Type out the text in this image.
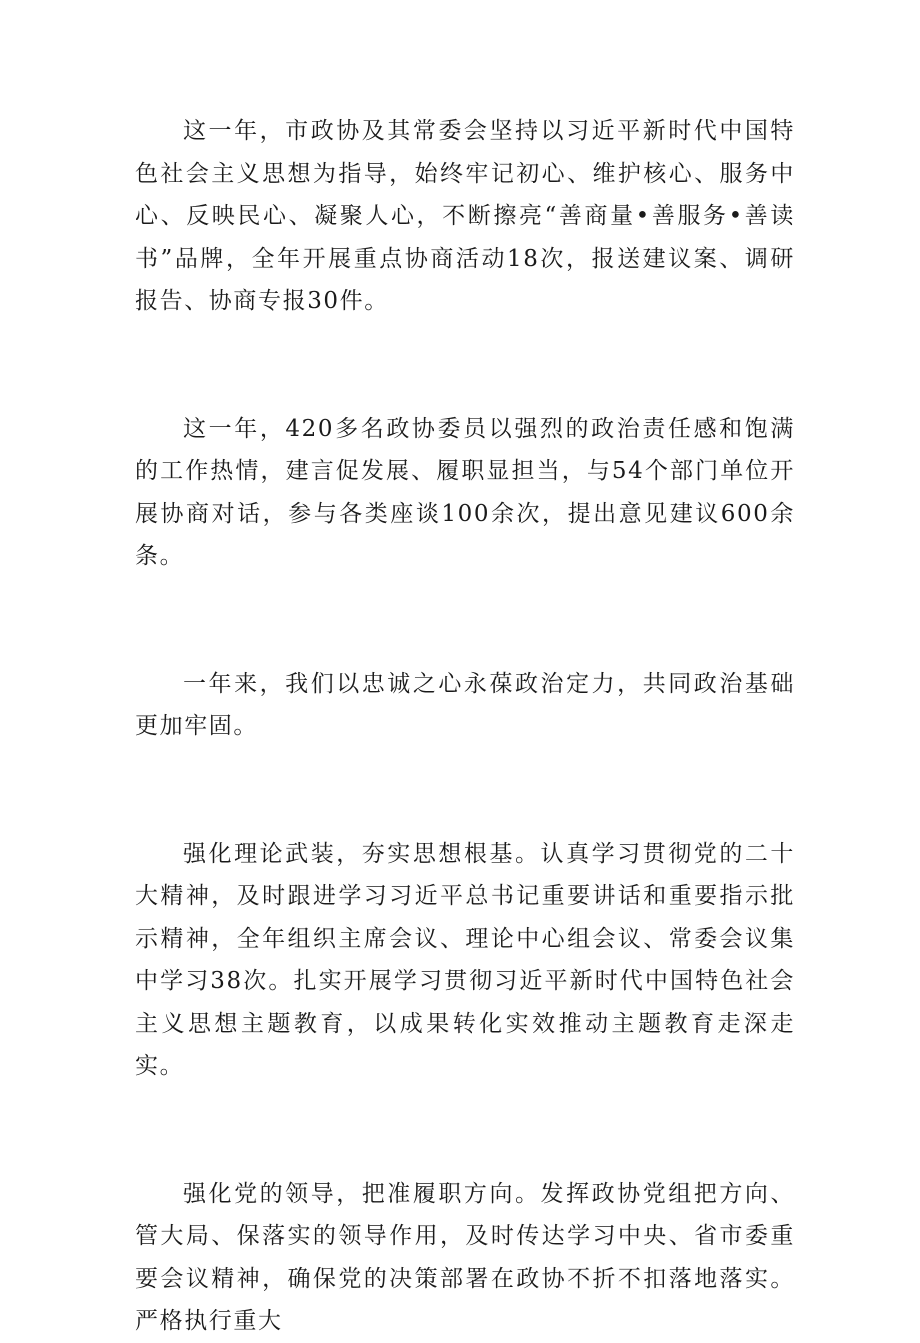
这一年，市政协及其常委会坚持以习近平新时代中国特色社会主义思想为指导，始终牢记初心、维护核心、服务中心、反映民心、凝聚人心，不断擦亮“善商量•善服务•善读书”品牌，全年开展重点协商活动18次，报送建议案、调研报告、协商专报30件。

这一年，420多名政协委员以强烈的政治责任感和饱满的工作热情，建言促发展、履职显担当，与54个部门单位开展协商对话，参与各类座谈100余次，提出意见建议600余条。

一年来，我们以忠诚之心永葆政治定力，共同政治基础更加牢固。

强化理论武装，夯实思想根基。认真学习贯彻党的二十大精神，及时跟进学习习近平总书记重要讲话和重要指示批示精神，全年组织主席会议、理论中心组会议、常委会议集中学习38次。扎实开展学习贯彻习近平新时代中国特色社会主义思想主题教育，以成果转化实效推动主题教育走深走实。

强化党的领导，把准履职方向。发挥政协党组把方向、管大局、保落实的领导作用，及时传达学习中央、省市委重要会议精神，确保党的决策部署在政协不折不扣落地落实。严格执行重大
